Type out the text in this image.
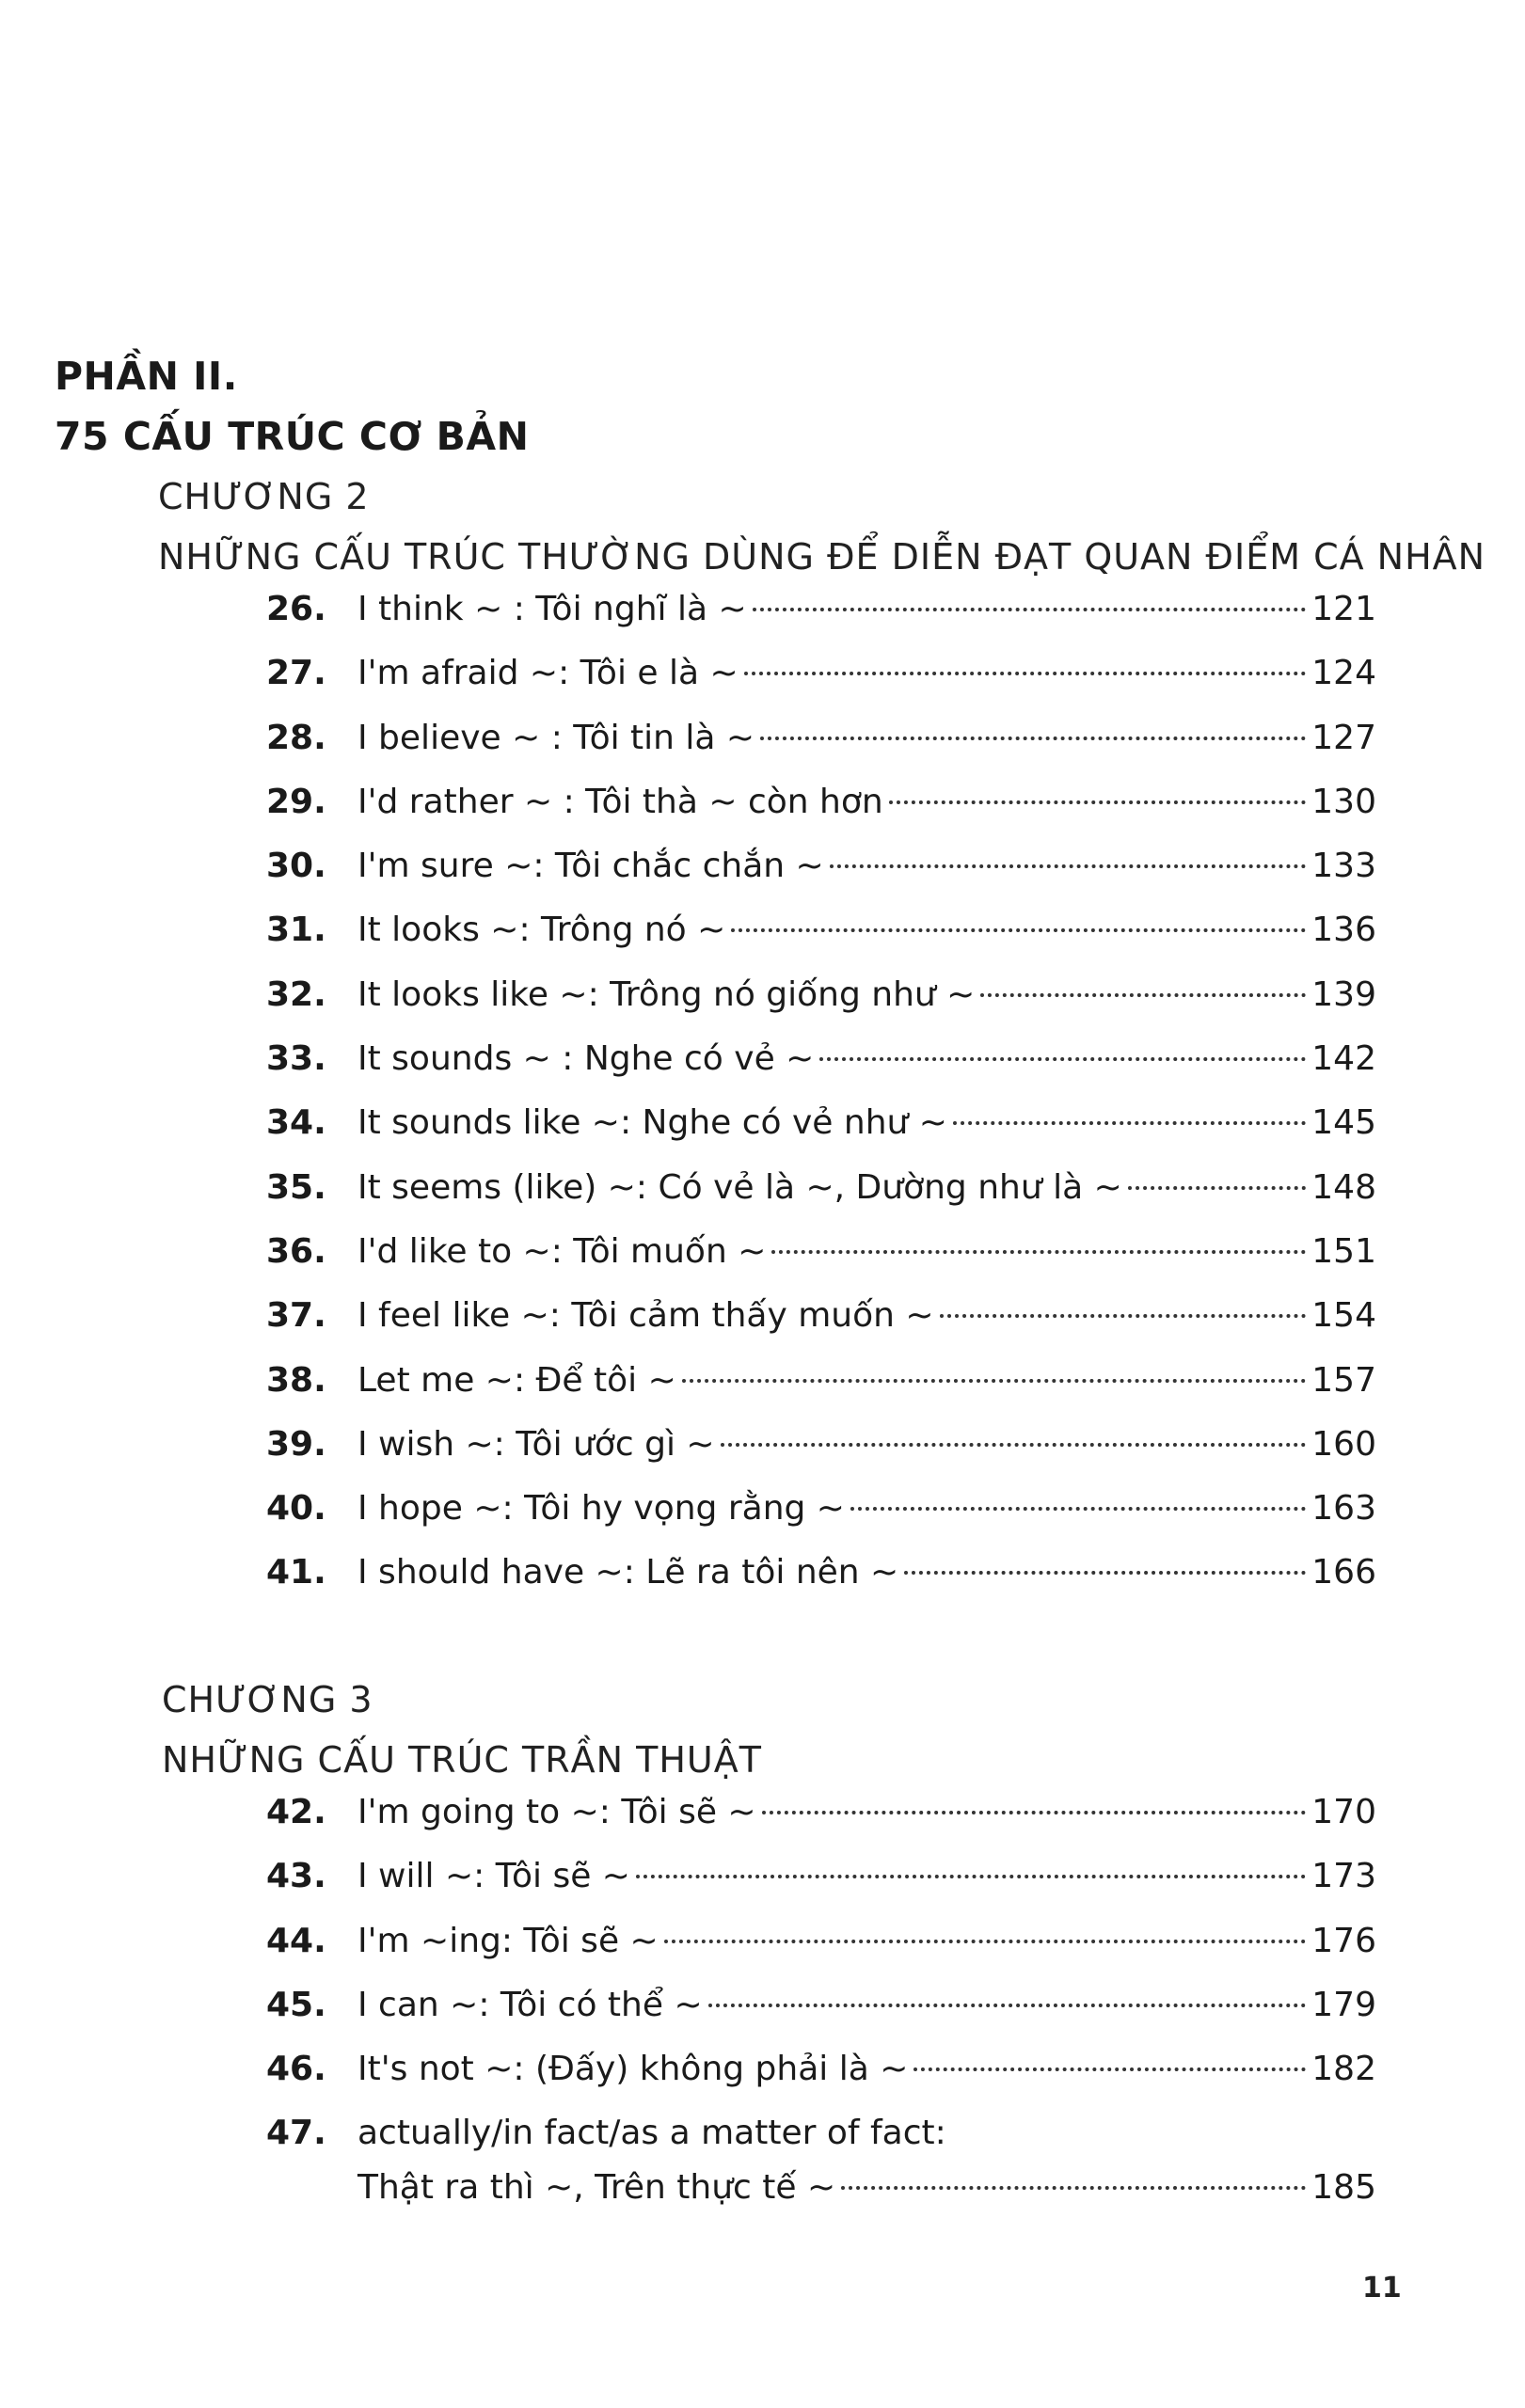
PHẦN II.
75 CẤU TRÚC CƠ BẢN
CHƯƠNG 2
NHỮNG CẤU TRÚC THƯỜNG DÙNG ĐỂ DIỄN ĐẠT QUAN ĐIỂM CÁ NHÂN
26. I think ~ : Tôi nghĩ là ~	121
27. I'm afraid ~: Tôi e là ~	124
28. I believe ~ : Tôi tin là ~	127
29. I'd rather ~ : Tôi thà ~ còn hơn	130
30. I'm sure ~: Tôi chắc chắn ~	133
31. It looks ~: Trông nó ~	136
32. It looks like ~: Trông nó giống như ~	139
33. It sounds ~ : Nghe có vẻ ~	142
34. It sounds like ~: Nghe có vẻ như ~	145
35. It seems (like) ~: Có vẻ là ~, Dường như là ~	148
36. I'd like to ~: Tôi muốn ~	151
37. I feel like ~: Tôi cảm thấy muốn ~	154
38. Let me ~: Để tôi ~	157
39. I wish ~: Tôi ước gì ~	160
40. I hope ~: Tôi hy vọng rằng ~	163
41. I should have ~: Lẽ ra tôi nên ~	166
CHƯƠNG 3
NHỮNG CẤU TRÚC TRẦN THUẬT
42. I'm going to ~: Tôi sẽ ~	170
43. I will ~: Tôi sẽ ~	173
44. I'm ~ing: Tôi sẽ ~	176
45. I can ~: Tôi có thể ~	179
46. It's not ~: (Đấy) không phải là ~	182
47. actually/in fact/as a matter of fact:
Thật ra thì ~, Trên thực tế ~	185
11
